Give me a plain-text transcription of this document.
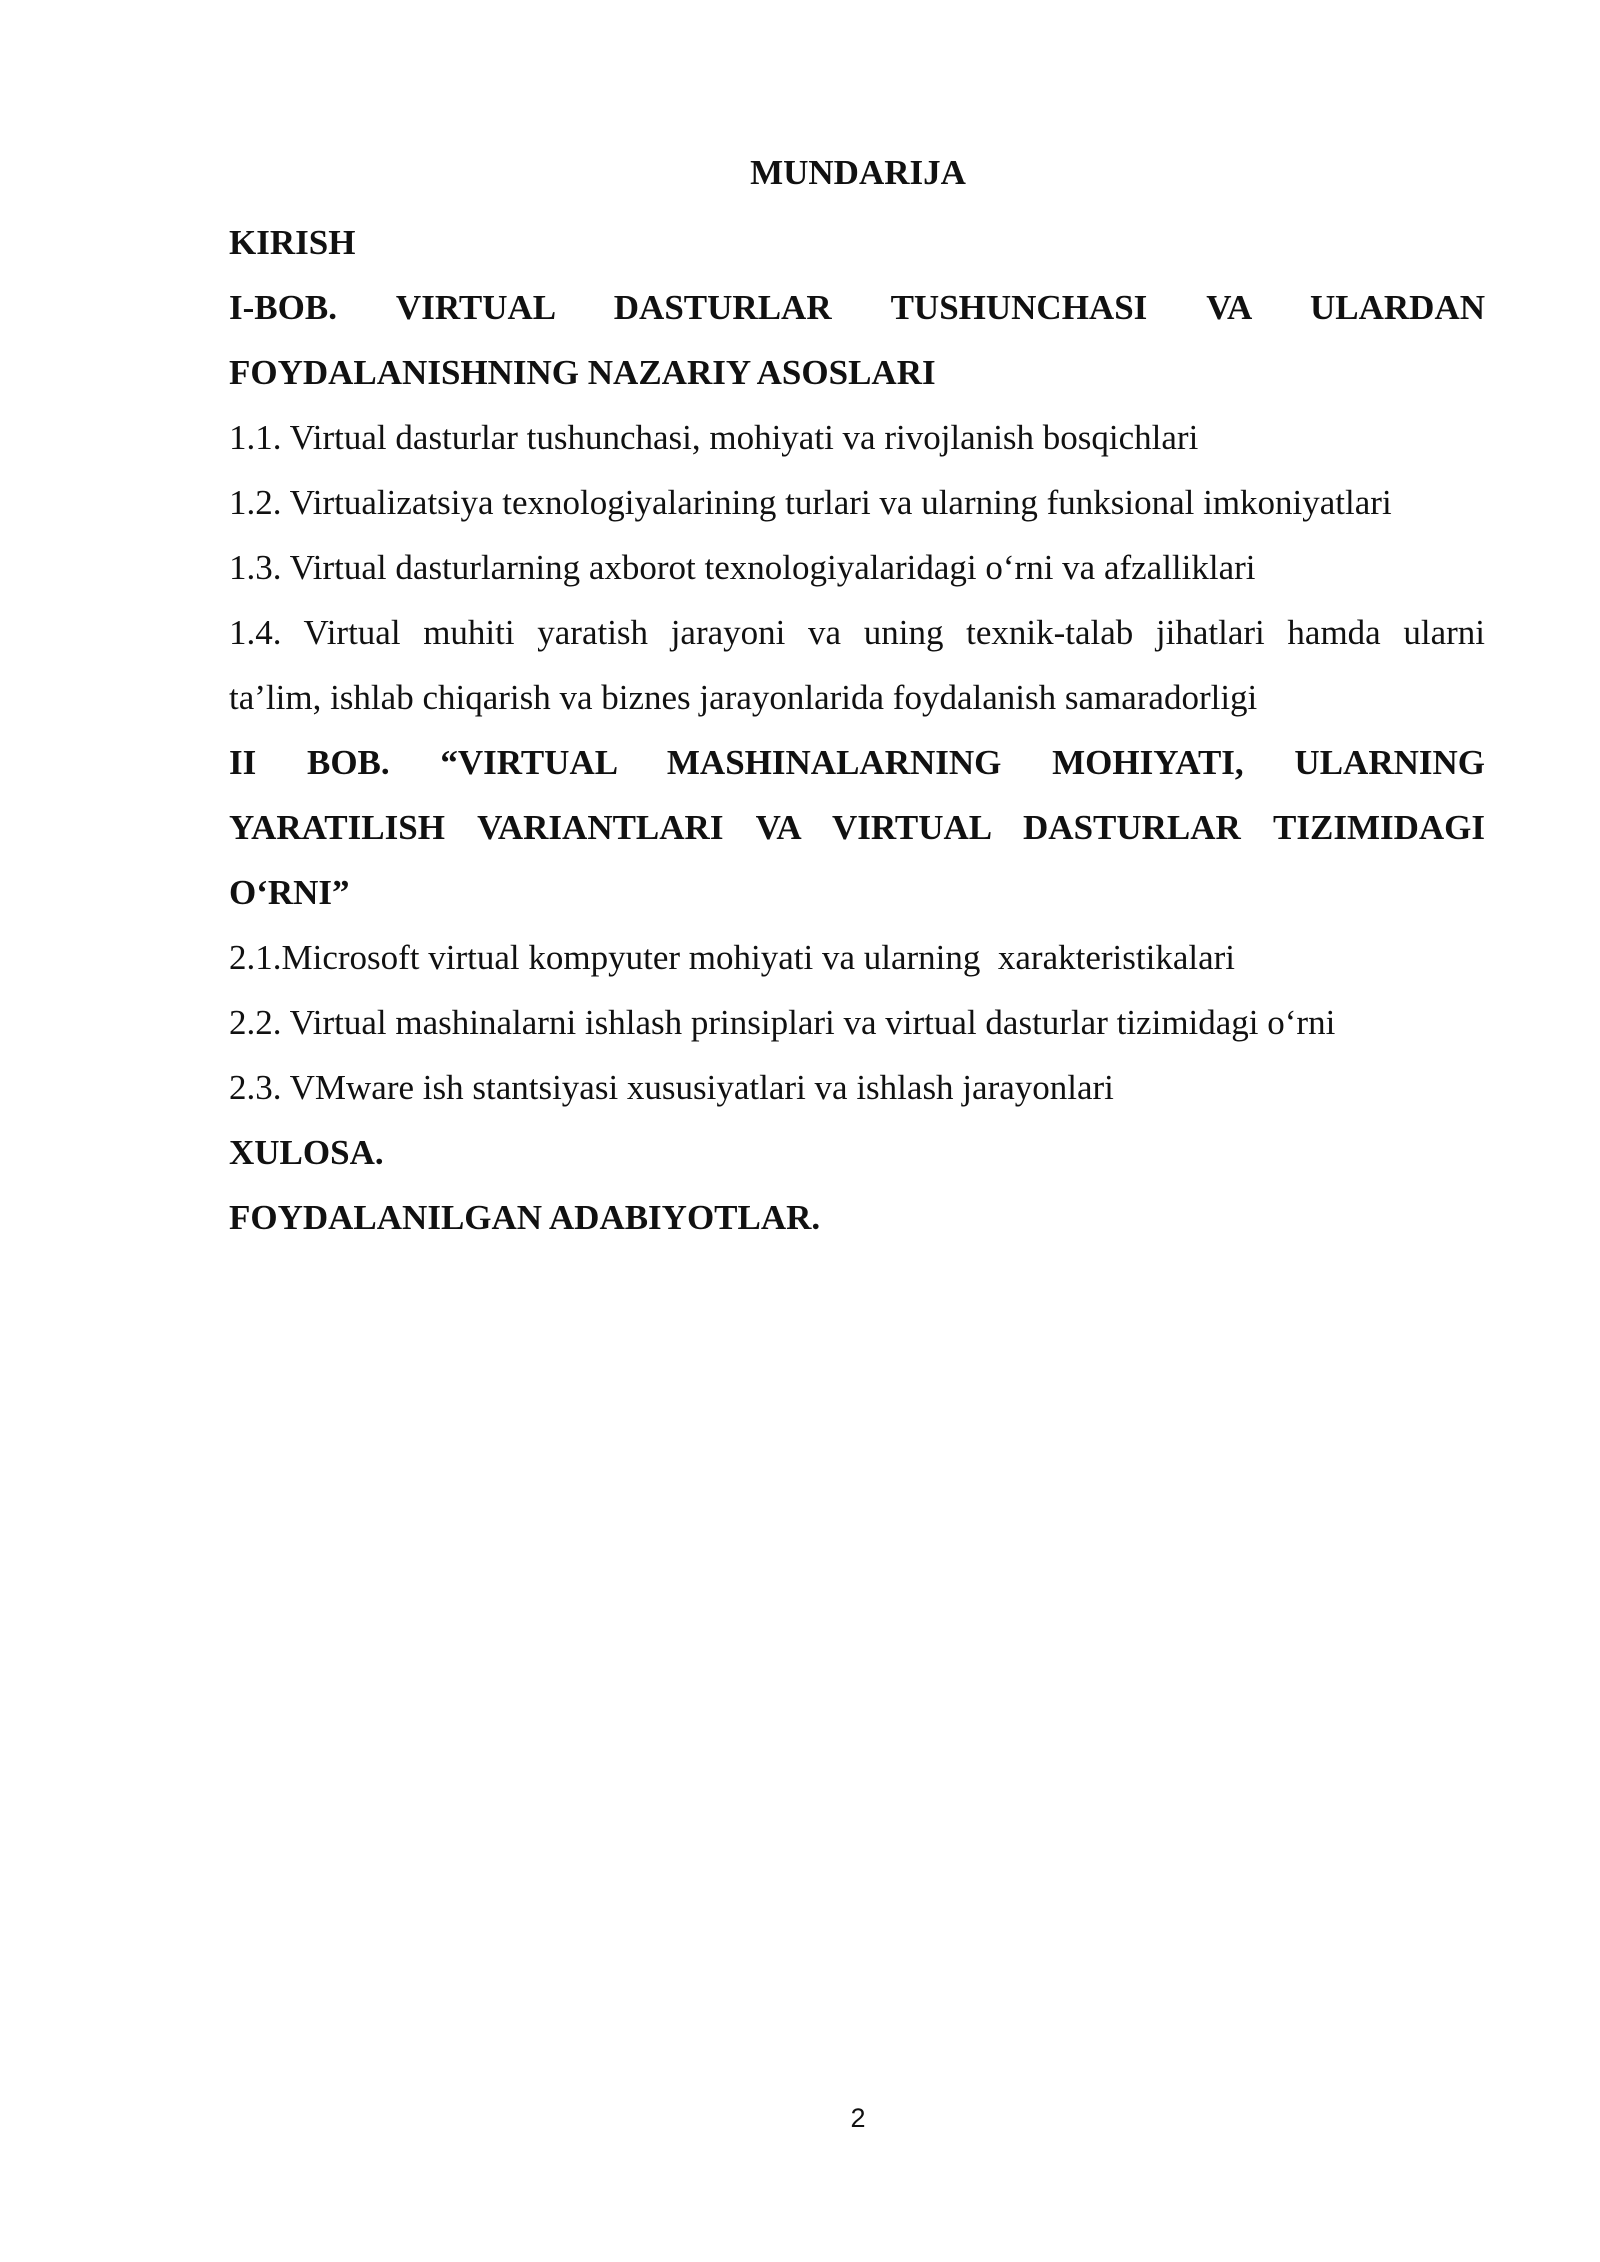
MUNDARIJA
KIRISH
I-BOB. VIRTUAL DASTURLAR TUSHUNCHASI VA ULARDAN
FOYDALANISHNING NAZARIY ASOSLARI
1.1. Virtual dasturlar tushunchasi, mohiyati va rivojlanish bosqichlari
1.2. Virtualizatsiya texnologiyalarining turlari va ularning funksional imkoniyatlari
1.3. Virtual dasturlarning axborot texnologiyalaridagi o‘rni va afzalliklari
1.4. Virtual muhiti yaratish jarayoni va uning texnik-talab jihatlari hamda ularni
ta’lim, ishlab chiqarish va biznes jarayonlarida foydalanish samaradorligi
II BOB. “VIRTUAL MASHINALARNING MOHIYATI, ULARNING
YARATILISH VARIANTLARI VA VIRTUAL DASTURLAR TIZIMIDAGI
O‘RNI”
2.1.Microsoft virtual kompyuter mohiyati va ularning  xarakteristikalari
2.2. Virtual mashinalarni ishlash prinsiplari va virtual dasturlar tizimidagi o‘rni
2.3. VMware ish stantsiyasi xususiyatlari va ishlash jarayonlari
XULOSA.
FOYDALANILGAN ADABIYOTLAR.
2
